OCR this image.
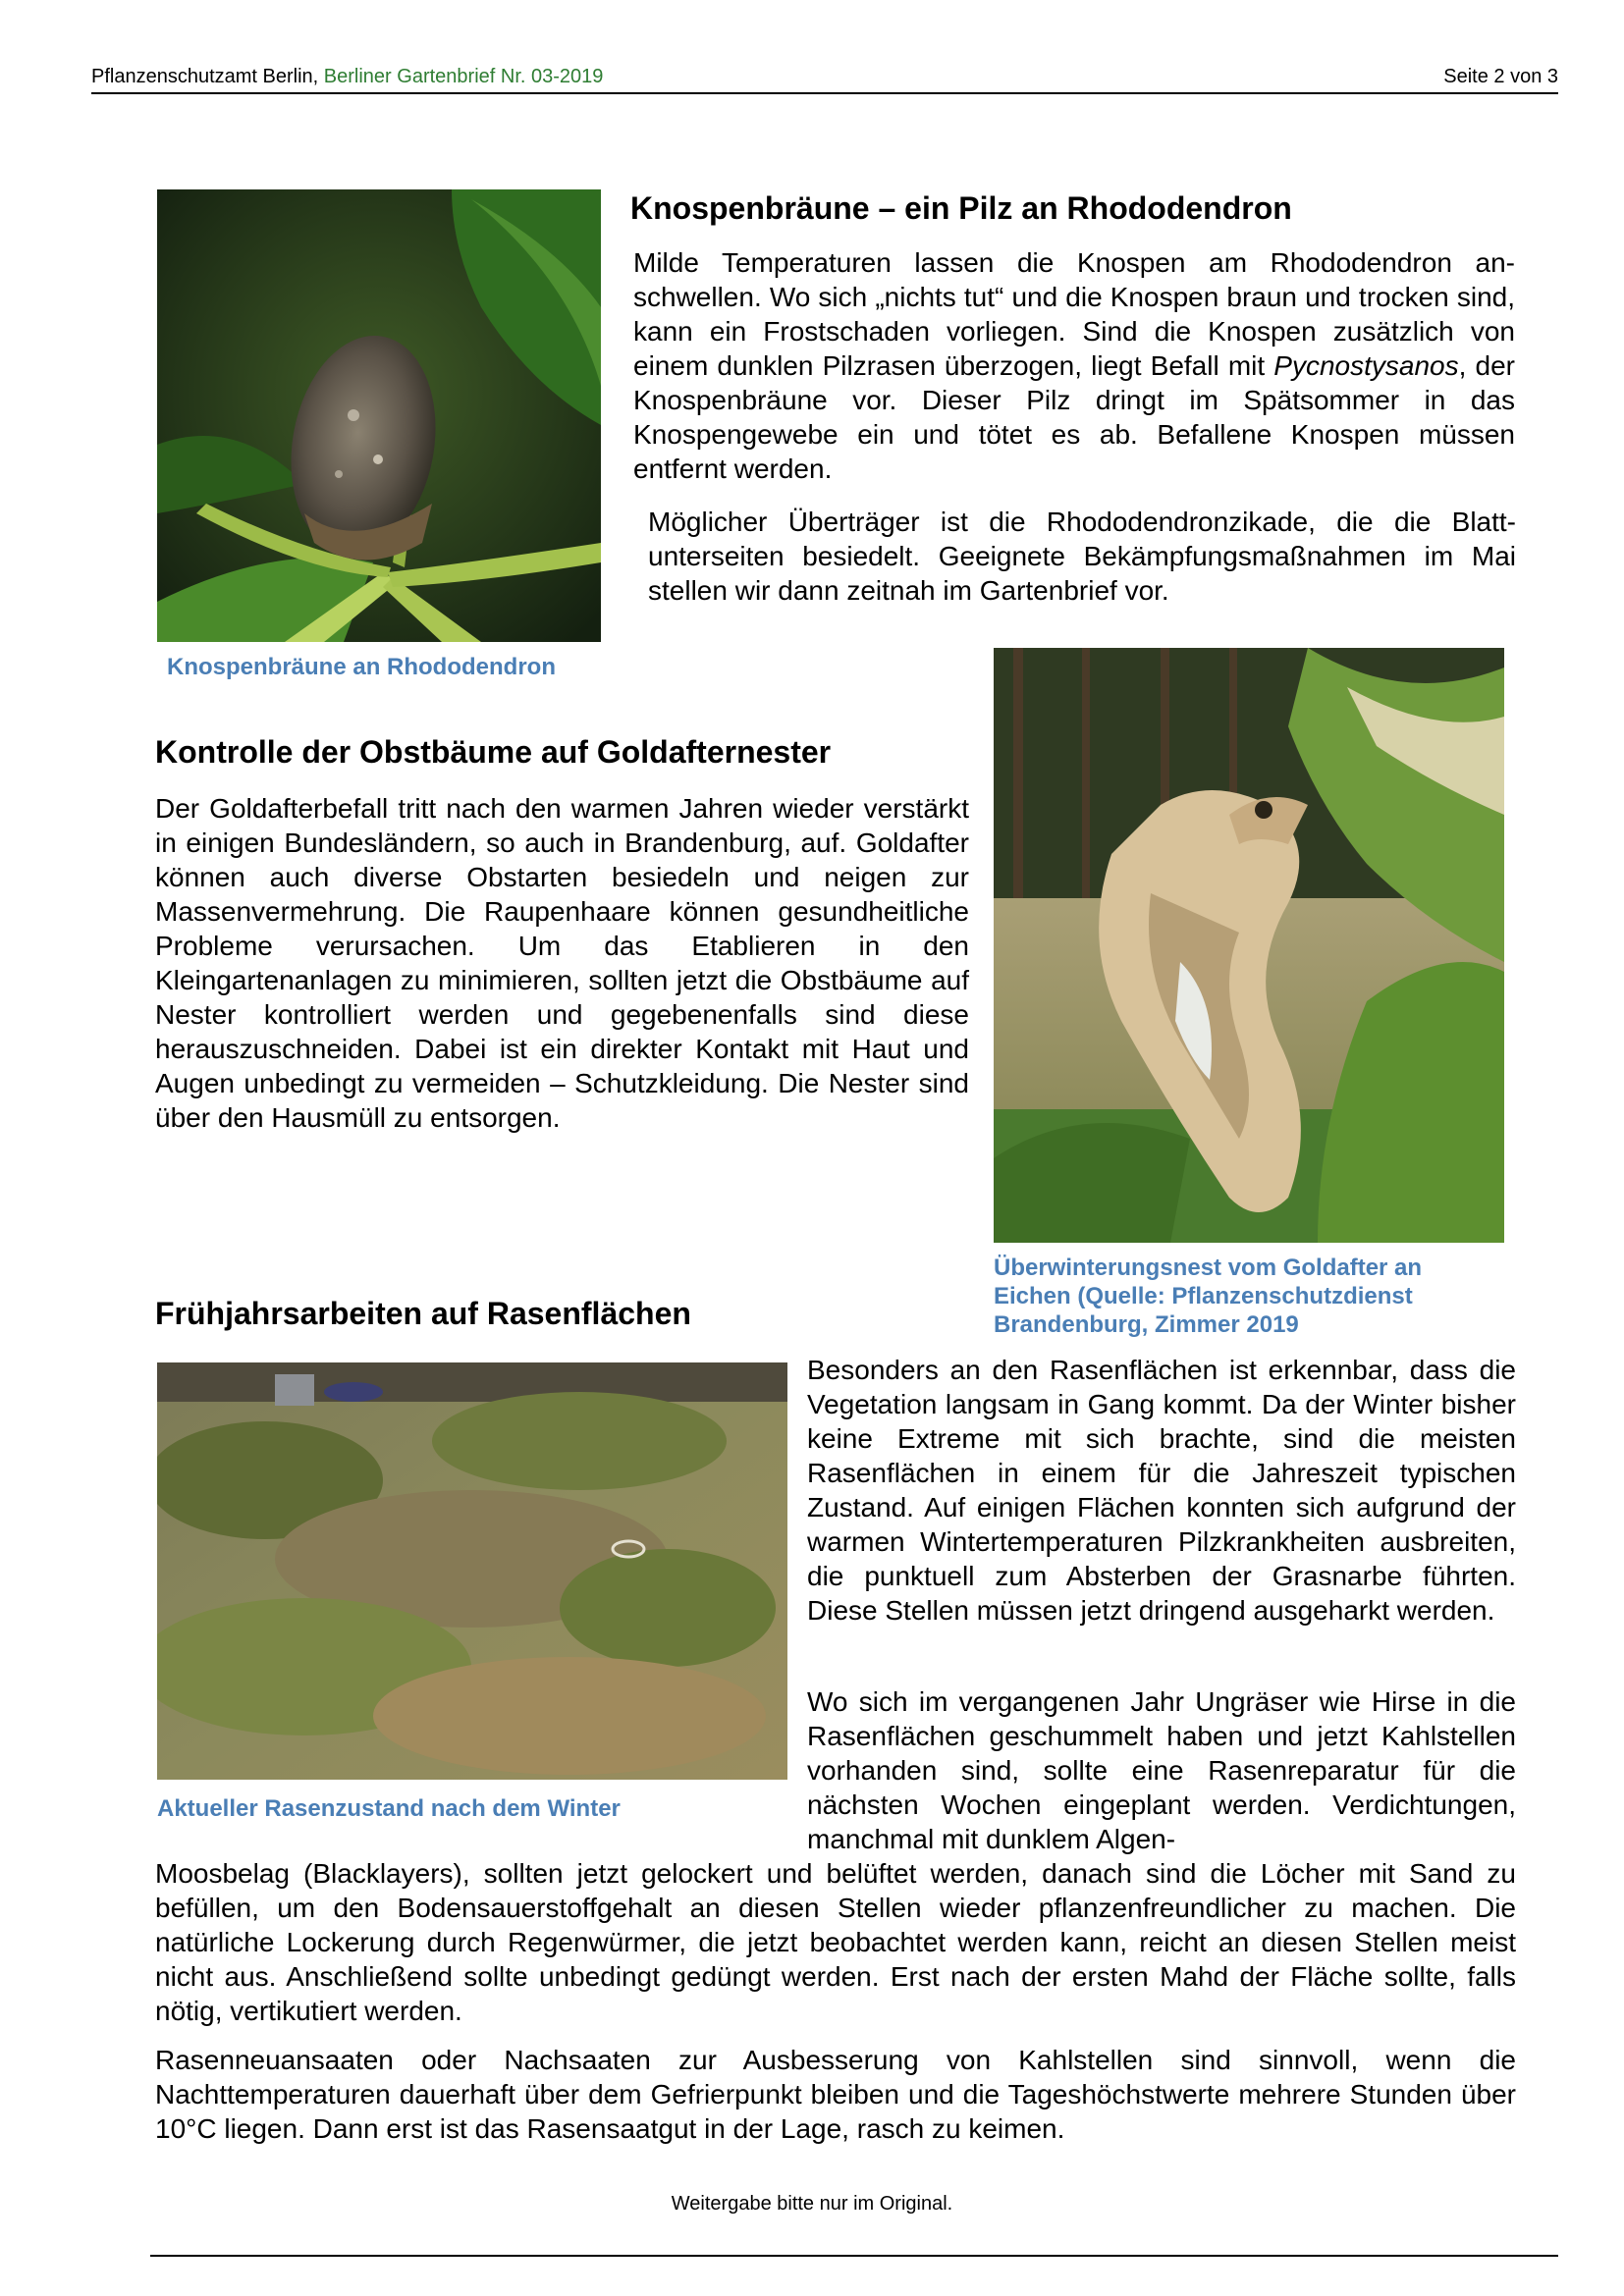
Pflanzenschutzamt Berlin, Berliner Gartenbrief Nr. 03-2019	Seite 2 von 3
Knospenbräune an Rhododendron
Knospenbräune – ein Pilz an Rhododendron

Milde Temperaturen lassen die Knospen am Rhododendron anschwellen. Wo sich „nichts tut“ und die Knospen braun und trocken sind, kann ein Frostschaden vorliegen. Sind die Knospen zusätzlich von einem dunklen Pilzrasen überzogen, liegt Befall mit Pycnostysanos, der Knospenbräune vor. Dieser Pilz dringt im Spätsommer in das Knospengewebe ein und tötet es ab. Befallene Knospen müssen entfernt werden.

Möglicher Überträger ist die Rhododendronzikade, die die Blattunterseiten besiedelt. Geeignete Bekämpfungsmaßnahmen im Mai stellen wir dann zeitnah im Gartenbrief vor.

Kontrolle der Obstbäume auf Goldafternester

Der Goldafterbefall tritt nach den warmen Jahren wieder verstärkt in einigen Bundesländern, so auch in Brandenburg, auf. Goldafter können auch diverse Obstarten besiedeln und neigen zur Massenvermehrung. Die Raupenhaare können gesundheitliche Probleme verursachen. Um das Etablieren in den Kleingartenanlagen zu minimieren, sollten jetzt die Obstbäume auf Nester kontrolliert werden und gegebenenfalls sind diese herauszuschneiden. Dabei ist ein direkter Kontakt mit Haut und Augen unbedingt zu vermeiden – Schutzkleidung. Die Nester sind über den Hausmüll zu entsorgen.

Überwinterungsnest vom Goldafter an Eichen (Quelle: Pflanzenschutzdienst Brandenburg, Zimmer 2019
Frühjahrsarbeiten auf Rasenflächen
Aktueller Rasenzustand nach dem Winter

Besonders an den Rasenflächen ist erkennbar, dass die Vegetation langsam in Gang kommt. Da der Winter bisher keine Extreme mit sich brachte, sind die meisten Rasenflächen in einem für die Jahreszeit typischen Zustand. Auf einigen Flächen konnten sich aufgrund der warmen Wintertemperaturen Pilzkrankheiten ausbreiten, die punktuell zum Absterben der Grasnarbe führten. Diese Stellen müssen jetzt dringend ausgeharkt werden.

Wo sich im vergangenen Jahr Ungräser wie Hirse in die Rasenflächen geschummelt haben und jetzt Kahlstellen vorhanden sind, sollte eine Rasenreparatur für die nächsten Wochen eingeplant werden. Verdichtungen, manchmal mit dunklem Algen-

Moosbelag (Blacklayers), sollten jetzt gelockert und belüftet werden, danach sind die Löcher mit Sand zu befüllen, um den Bodensauerstoffgehalt an diesen Stellen wieder pflanzenfreundlicher zu machen. Die natürliche Lockerung durch Regenwürmer, die jetzt beobachtet werden kann, reicht an diesen Stellen meist nicht aus. Anschließend sollte unbedingt gedüngt werden. Erst nach der ersten Mahd der Fläche sollte, falls nötig, vertikutiert werden.

Rasenneuansaaten oder Nachsaaten zur Ausbesserung von Kahlstellen sind sinnvoll, wenn die Nachttemperaturen dauerhaft über dem Gefrierpunkt bleiben und die Tageshöchstwerte mehrere Stunden über 10°C liegen. Dann erst ist das Rasensaatgut in der Lage, rasch zu keimen.

Weitergabe bitte nur im Original.
